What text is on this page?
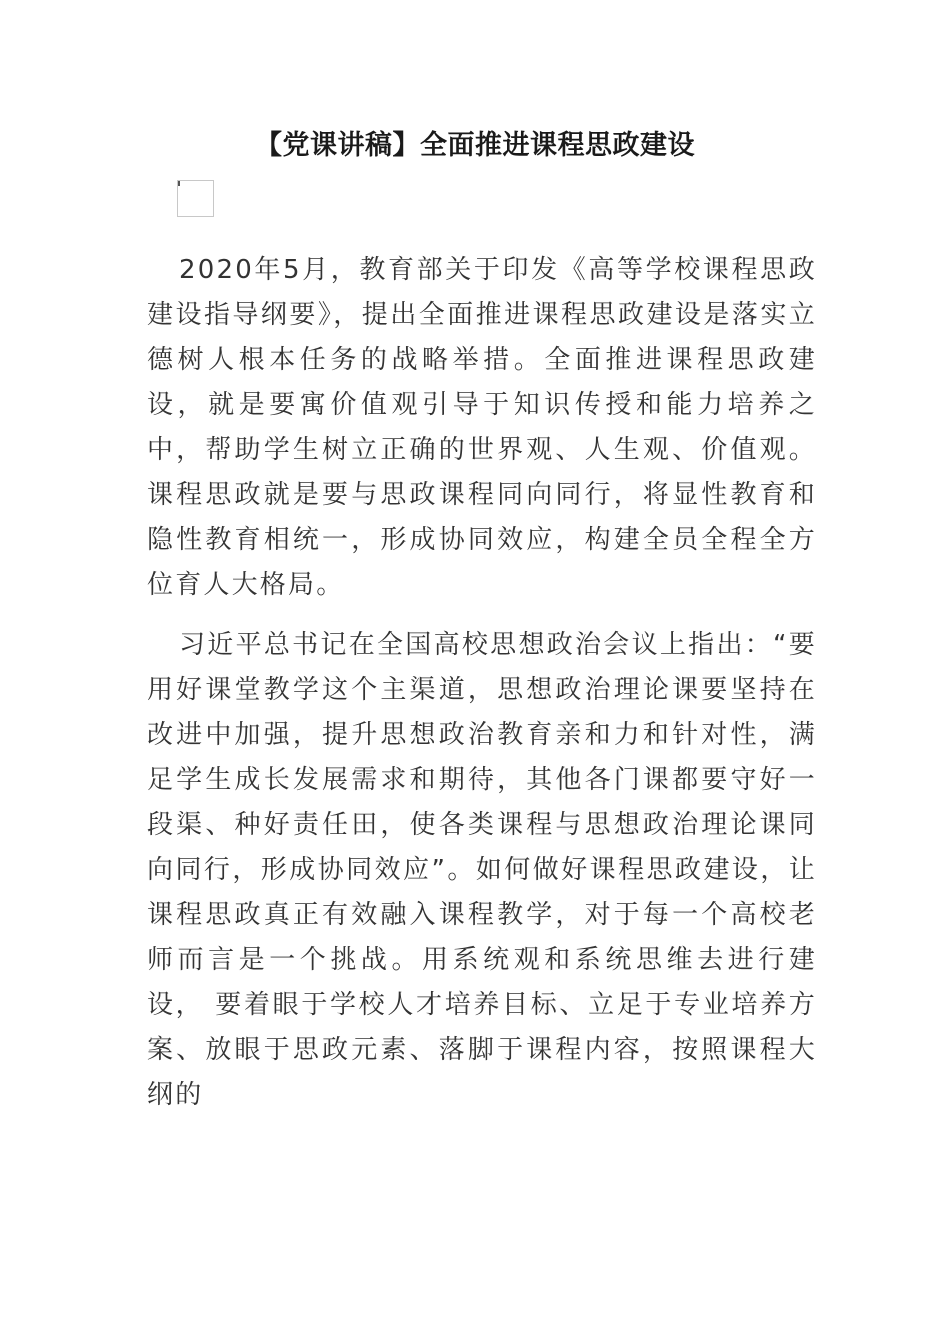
【党课讲稿】全面推进课程思政建设

2020年5月，教育部关于印发《高等学校课程思政建设指导纲要》，提出全面推进课程思政建设是落实立德树人根本任务的战略举措。全面推进课程思政建设，就是要寓价值观引导于知识传授和能力培养之中，帮助学生树立正确的世界观、人生观、价值观。课程思政就是要与思政课程同向同行，将显性教育和隐性教育相统一，形成协同效应，构建全员全程全方位育人大格局。

习近平总书记在全国高校思想政治会议上指出：“要用好课堂教学这个主渠道，思想政治理论课要坚持在改进中加强，提升思想政治教育亲和力和针对性，满足学生成长发展需求和期待，其他各门课都要守好一段渠、种好责任田，使各类课程与思想政治理论课同向同行，形成协同效应”。如何做好课程思政建设，让课程思政真正有效融入课程教学，对于每一个高校老师而言是一个挑战。用系统观和系统思维去进行建设， 要着眼于学校人才培养目标、立足于专业培养方案、放眼于思政元素、落脚于课程内容，按照课程大纲的
